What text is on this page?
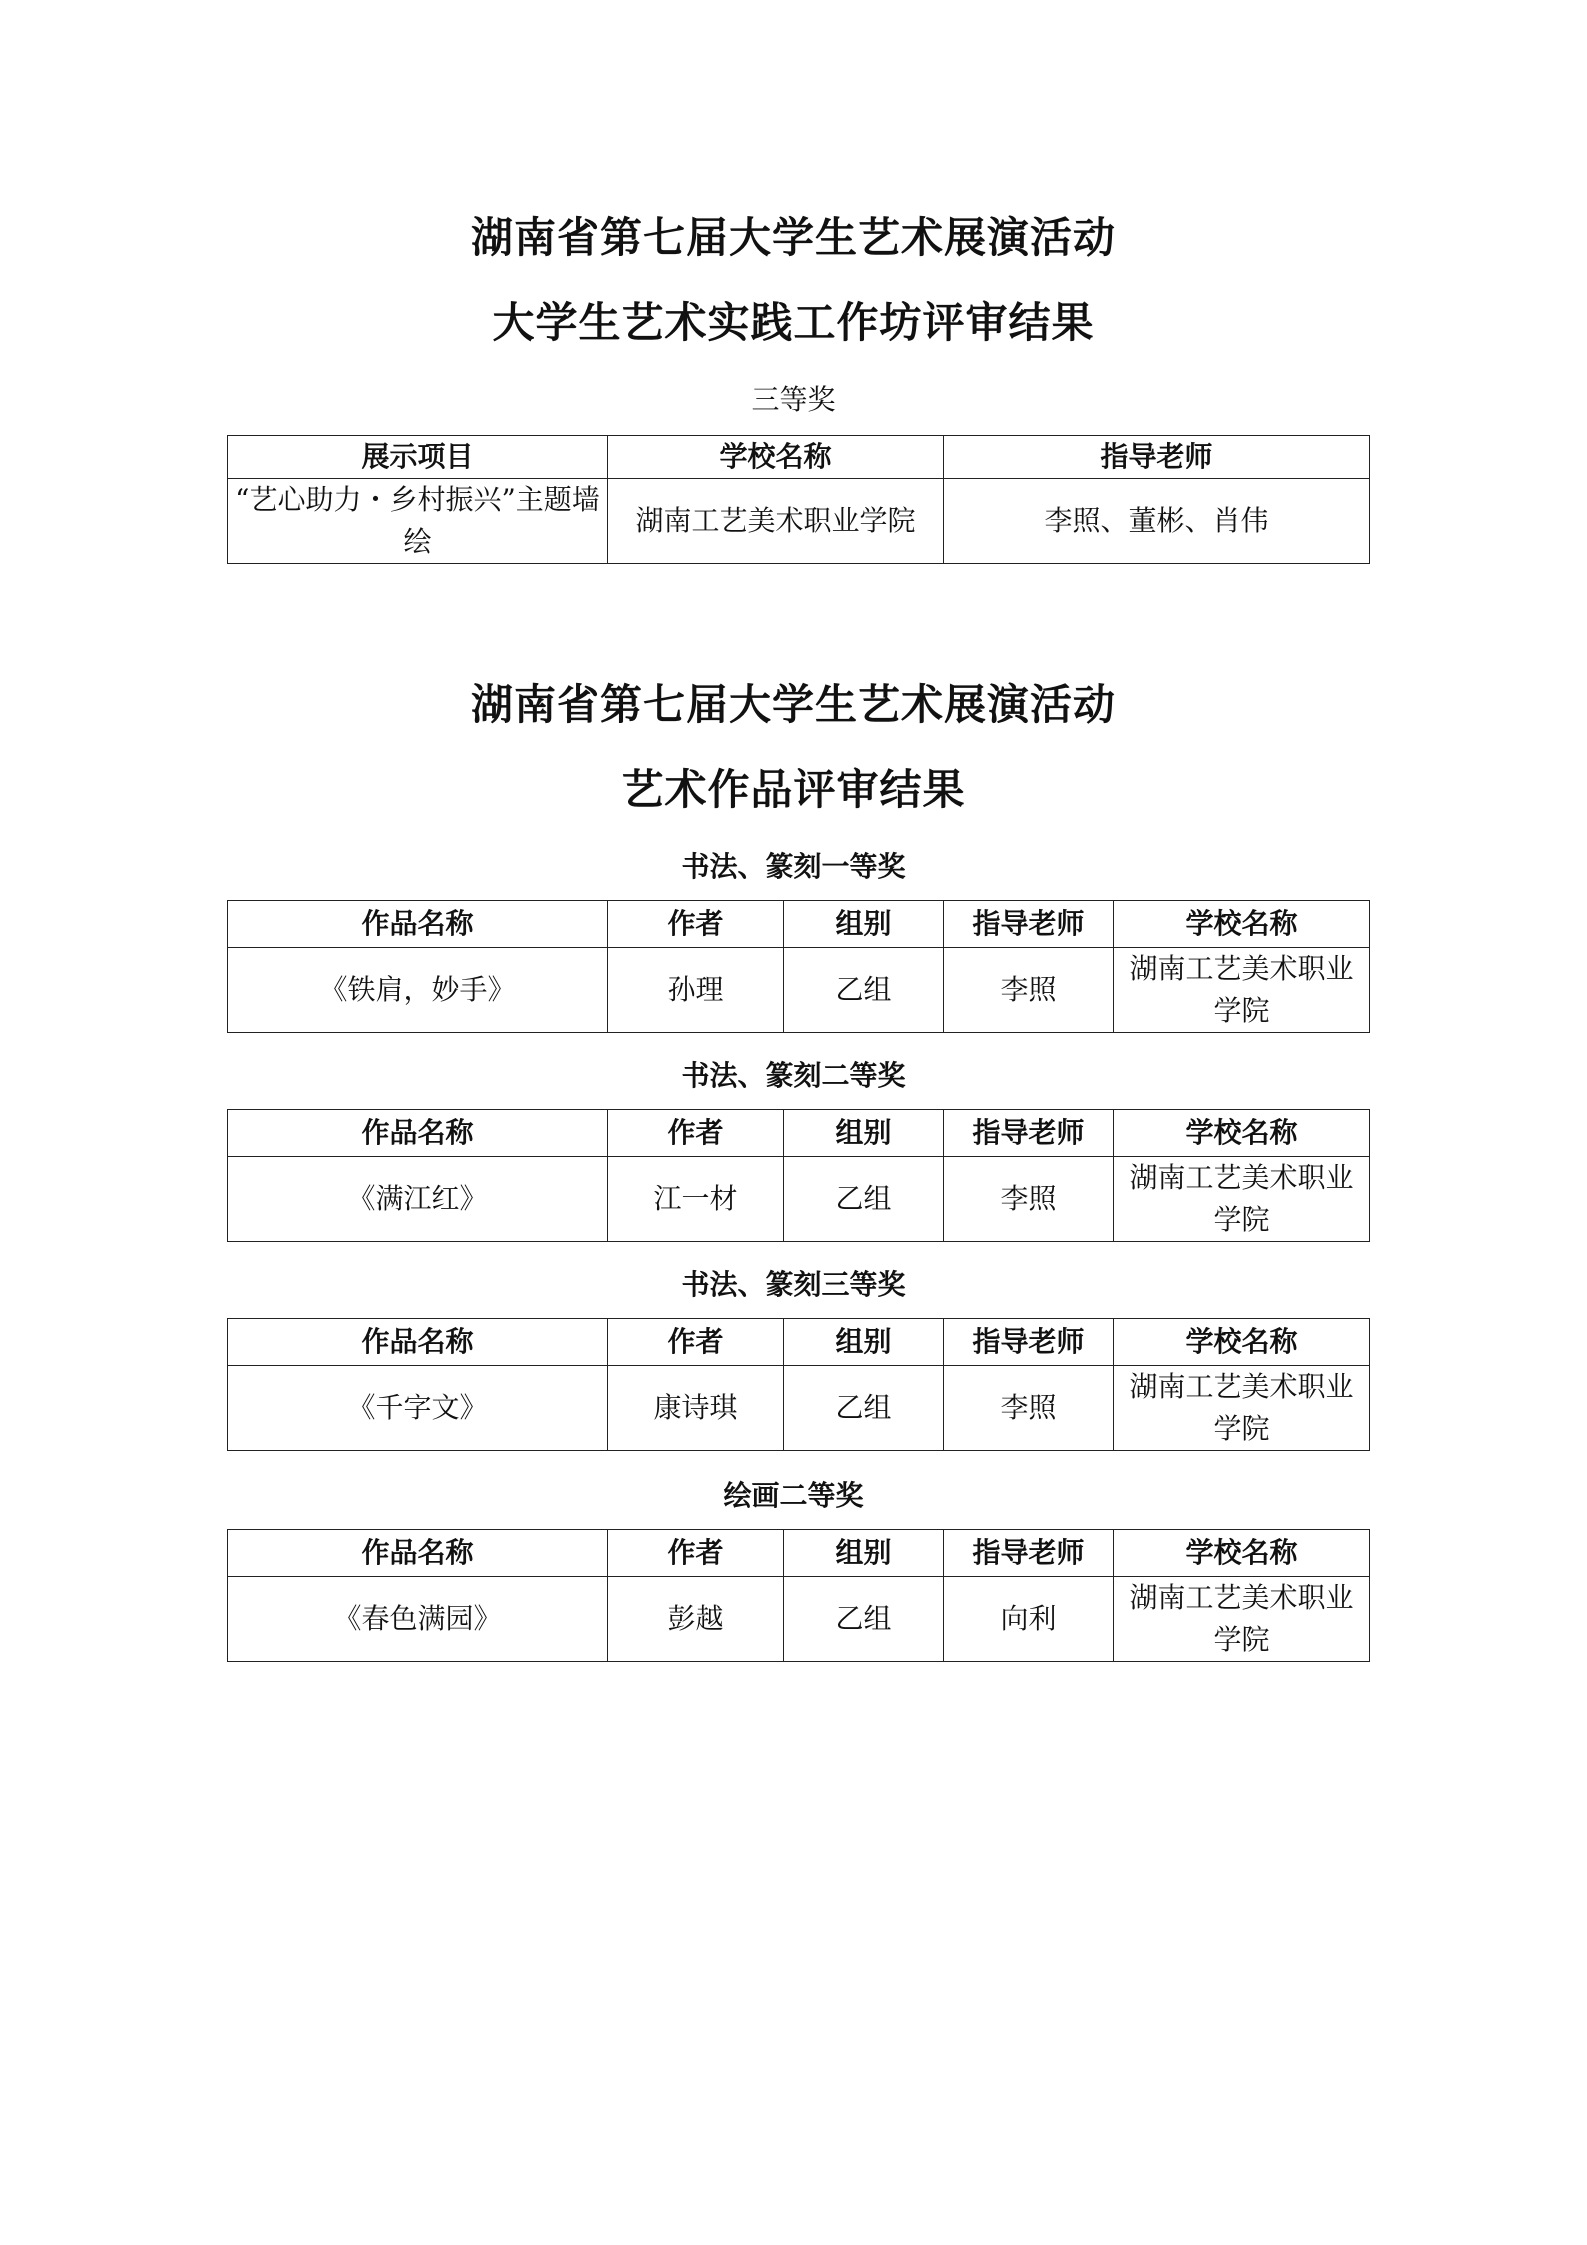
湖南省第七届大学生艺术展演活动
大学生艺术实践工作坊评审结果
三等奖
展示项目	学校名称	指导老师
“艺心助力・乡村振兴”主题墙绘	湖南工艺美术职业学院	李照、董彬、肖伟
湖南省第七届大学生艺术展演活动
艺术作品评审结果
书法、篆刻一等奖
作品名称	作者	组别	指导老师	学校名称
《铁肩，妙手》	孙理	乙组	李照	湖南工艺美术职业学院
书法、篆刻二等奖
作品名称	作者	组别	指导老师	学校名称
《满江红》	江一材	乙组	李照	湖南工艺美术职业学院
书法、篆刻三等奖
作品名称	作者	组别	指导老师	学校名称
《千字文》	康诗琪	乙组	李照	湖南工艺美术职业学院
绘画二等奖
作品名称	作者	组别	指导老师	学校名称
《春色满园》	彭越	乙组	向利	湖南工艺美术职业学院
